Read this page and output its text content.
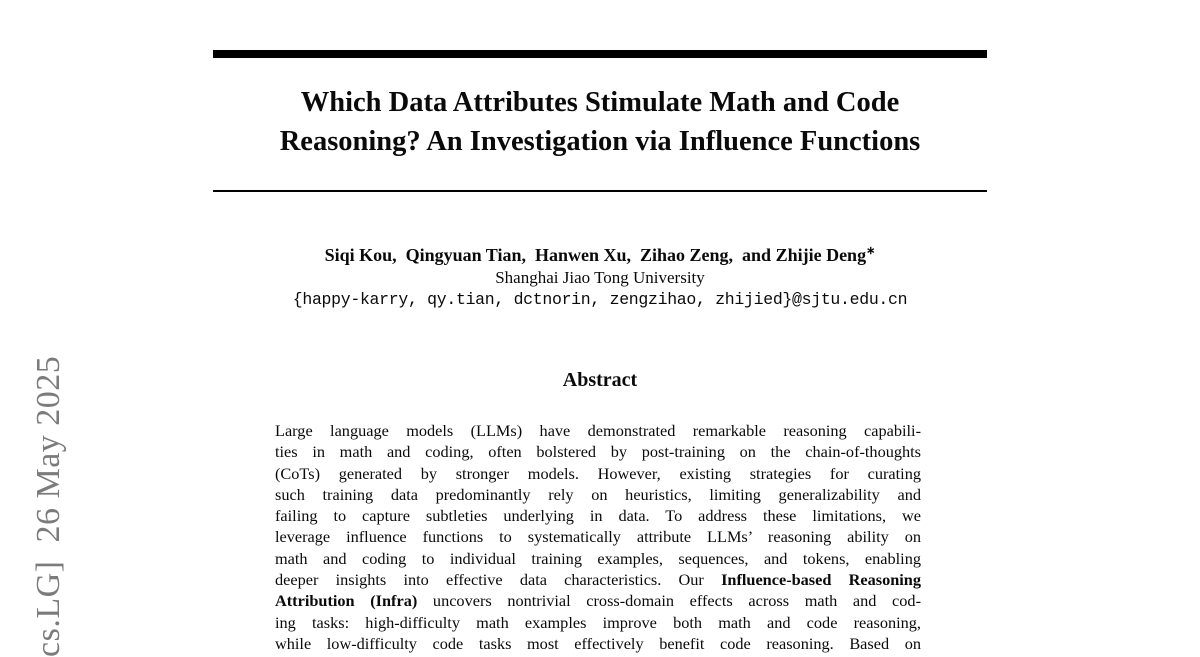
cs.LG]  26 May 2025
Which Data Attributes Stimulate Math and Code
Reasoning? An Investigation via Influence Functions
Siqi Kou,  Qingyuan Tian,  Hanwen Xu,  Zihao Zeng,  and Zhijie Deng∗
Shanghai Jiao Tong University
{happy-karry, qy.tian, dctnorin, zengzihao, zhijied}@sjtu.edu.cn
Abstract
Large language models (LLMs) have demonstrated remarkable reasoning capabili-
ties in math and coding, often bolstered by post-training on the chain-of-thoughts
(CoTs) generated by stronger models. However, existing strategies for curating
such training data predominantly rely on heuristics, limiting generalizability and
failing to capture subtleties underlying in data. To address these limitations, we
leverage influence functions to systematically attribute LLMs’ reasoning ability on
math and coding to individual training examples, sequences, and tokens, enabling
deeper insights into effective data characteristics. Our Influence-based Reasoning
Attribution (Infra) uncovers nontrivial cross-domain effects across math and cod-
ing tasks: high-difficulty math examples improve both math and code reasoning,
while low-difficulty code tasks most effectively benefit code reasoning. Based on
